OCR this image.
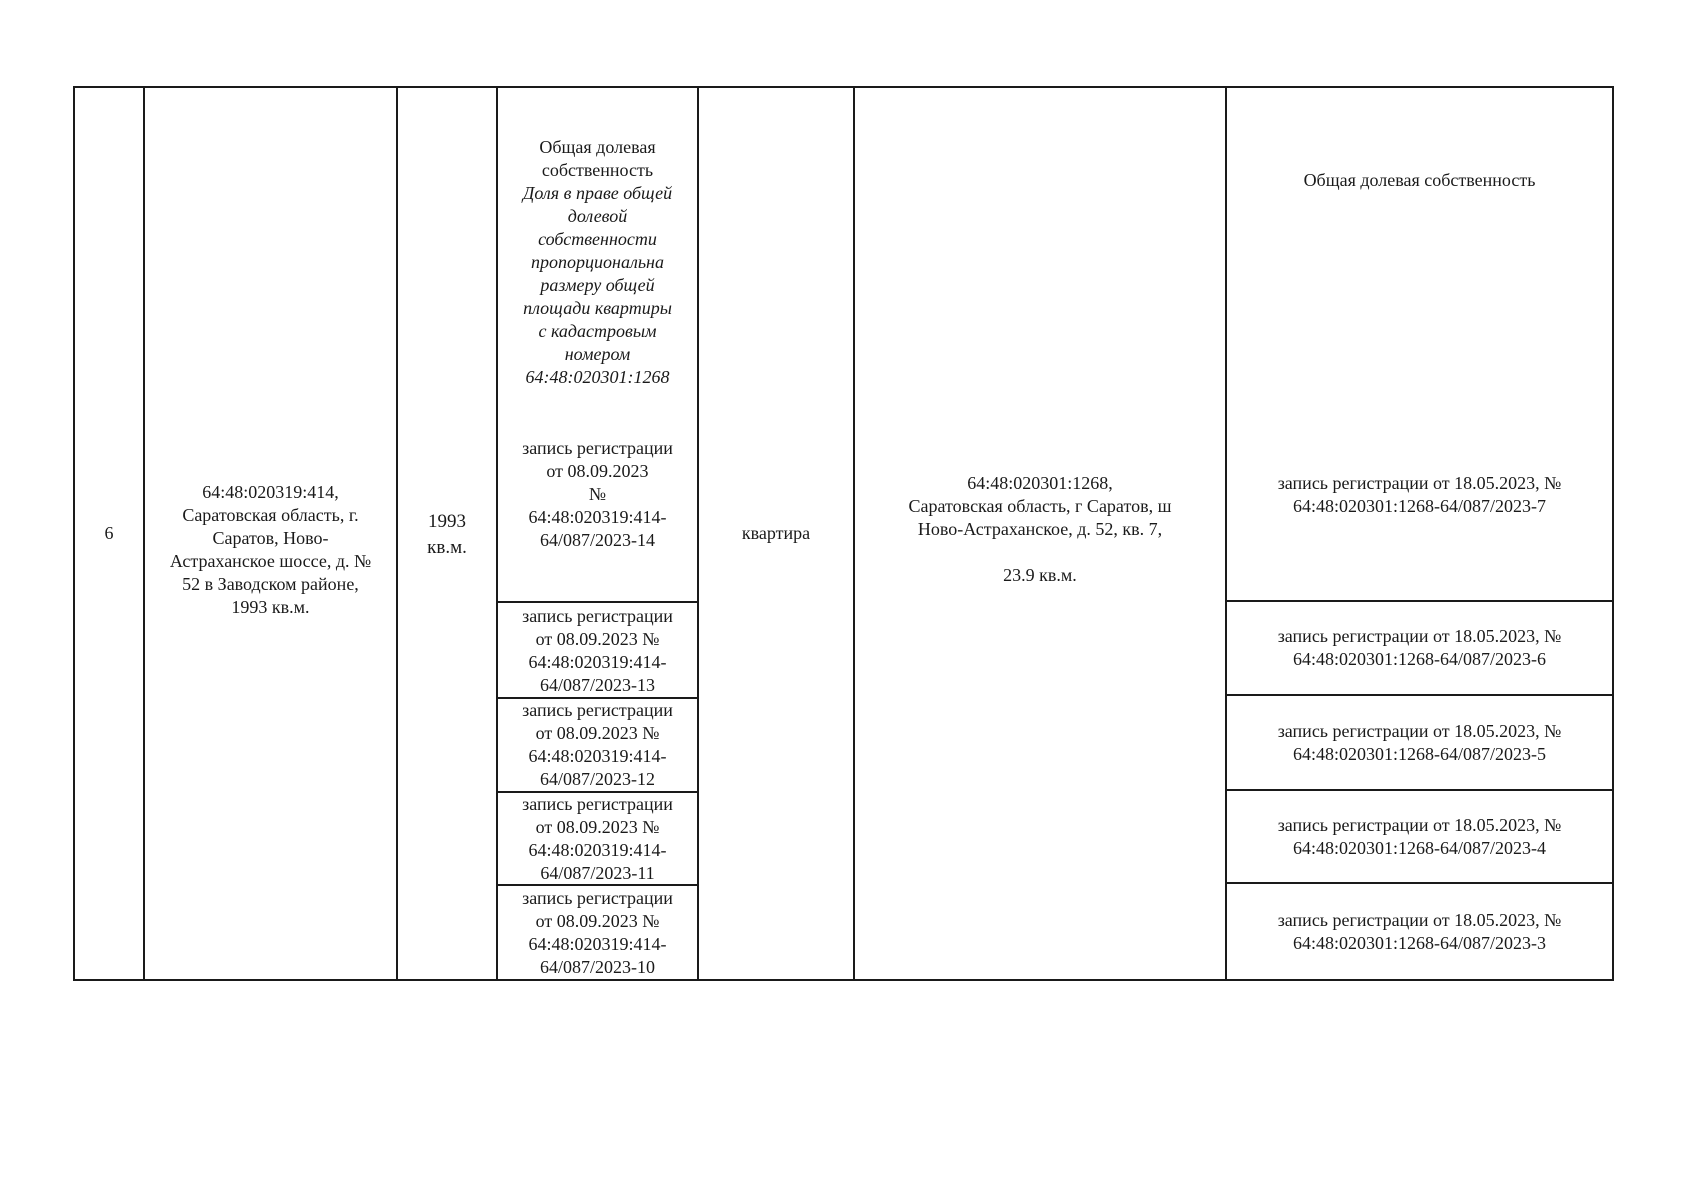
6
64:48:020319:414,
Саратовская область, г.
Саратов, Ново-
Астраханское шоссе, д. №
52 в Заводском районе,
1993 кв.м.
1993
кв.м.
Общая долевая
собственность
Доля в праве общей
долевой
собственности
пропорциональна
размеру общей
площади квартиры
с кадастровым
номером
64:48:020301:1268
запись регистрации
от 08.09.2023
№
64:48:020319:414-
64/087/2023-14
запись регистрации
от 08.09.2023 №
64:48:020319:414-
64/087/2023-13
запись регистрации
от 08.09.2023 №
64:48:020319:414-
64/087/2023-12
запись регистрации
от 08.09.2023 №
64:48:020319:414-
64/087/2023-11
запись регистрации
от 08.09.2023 №
64:48:020319:414-
64/087/2023-10
квартира
64:48:020301:1268,
Саратовская область, г Саратов, ш
Ново-Астраханское, д. 52, кв. 7,
23.9 кв.м.
Общая долевая собственность
запись регистрации от 18.05.2023, №
64:48:020301:1268-64/087/2023-7
запись регистрации от 18.05.2023, №
64:48:020301:1268-64/087/2023-6
запись регистрации от 18.05.2023, №
64:48:020301:1268-64/087/2023-5
запись регистрации от 18.05.2023, №
64:48:020301:1268-64/087/2023-4
запись регистрации от 18.05.2023, №
64:48:020301:1268-64/087/2023-3
